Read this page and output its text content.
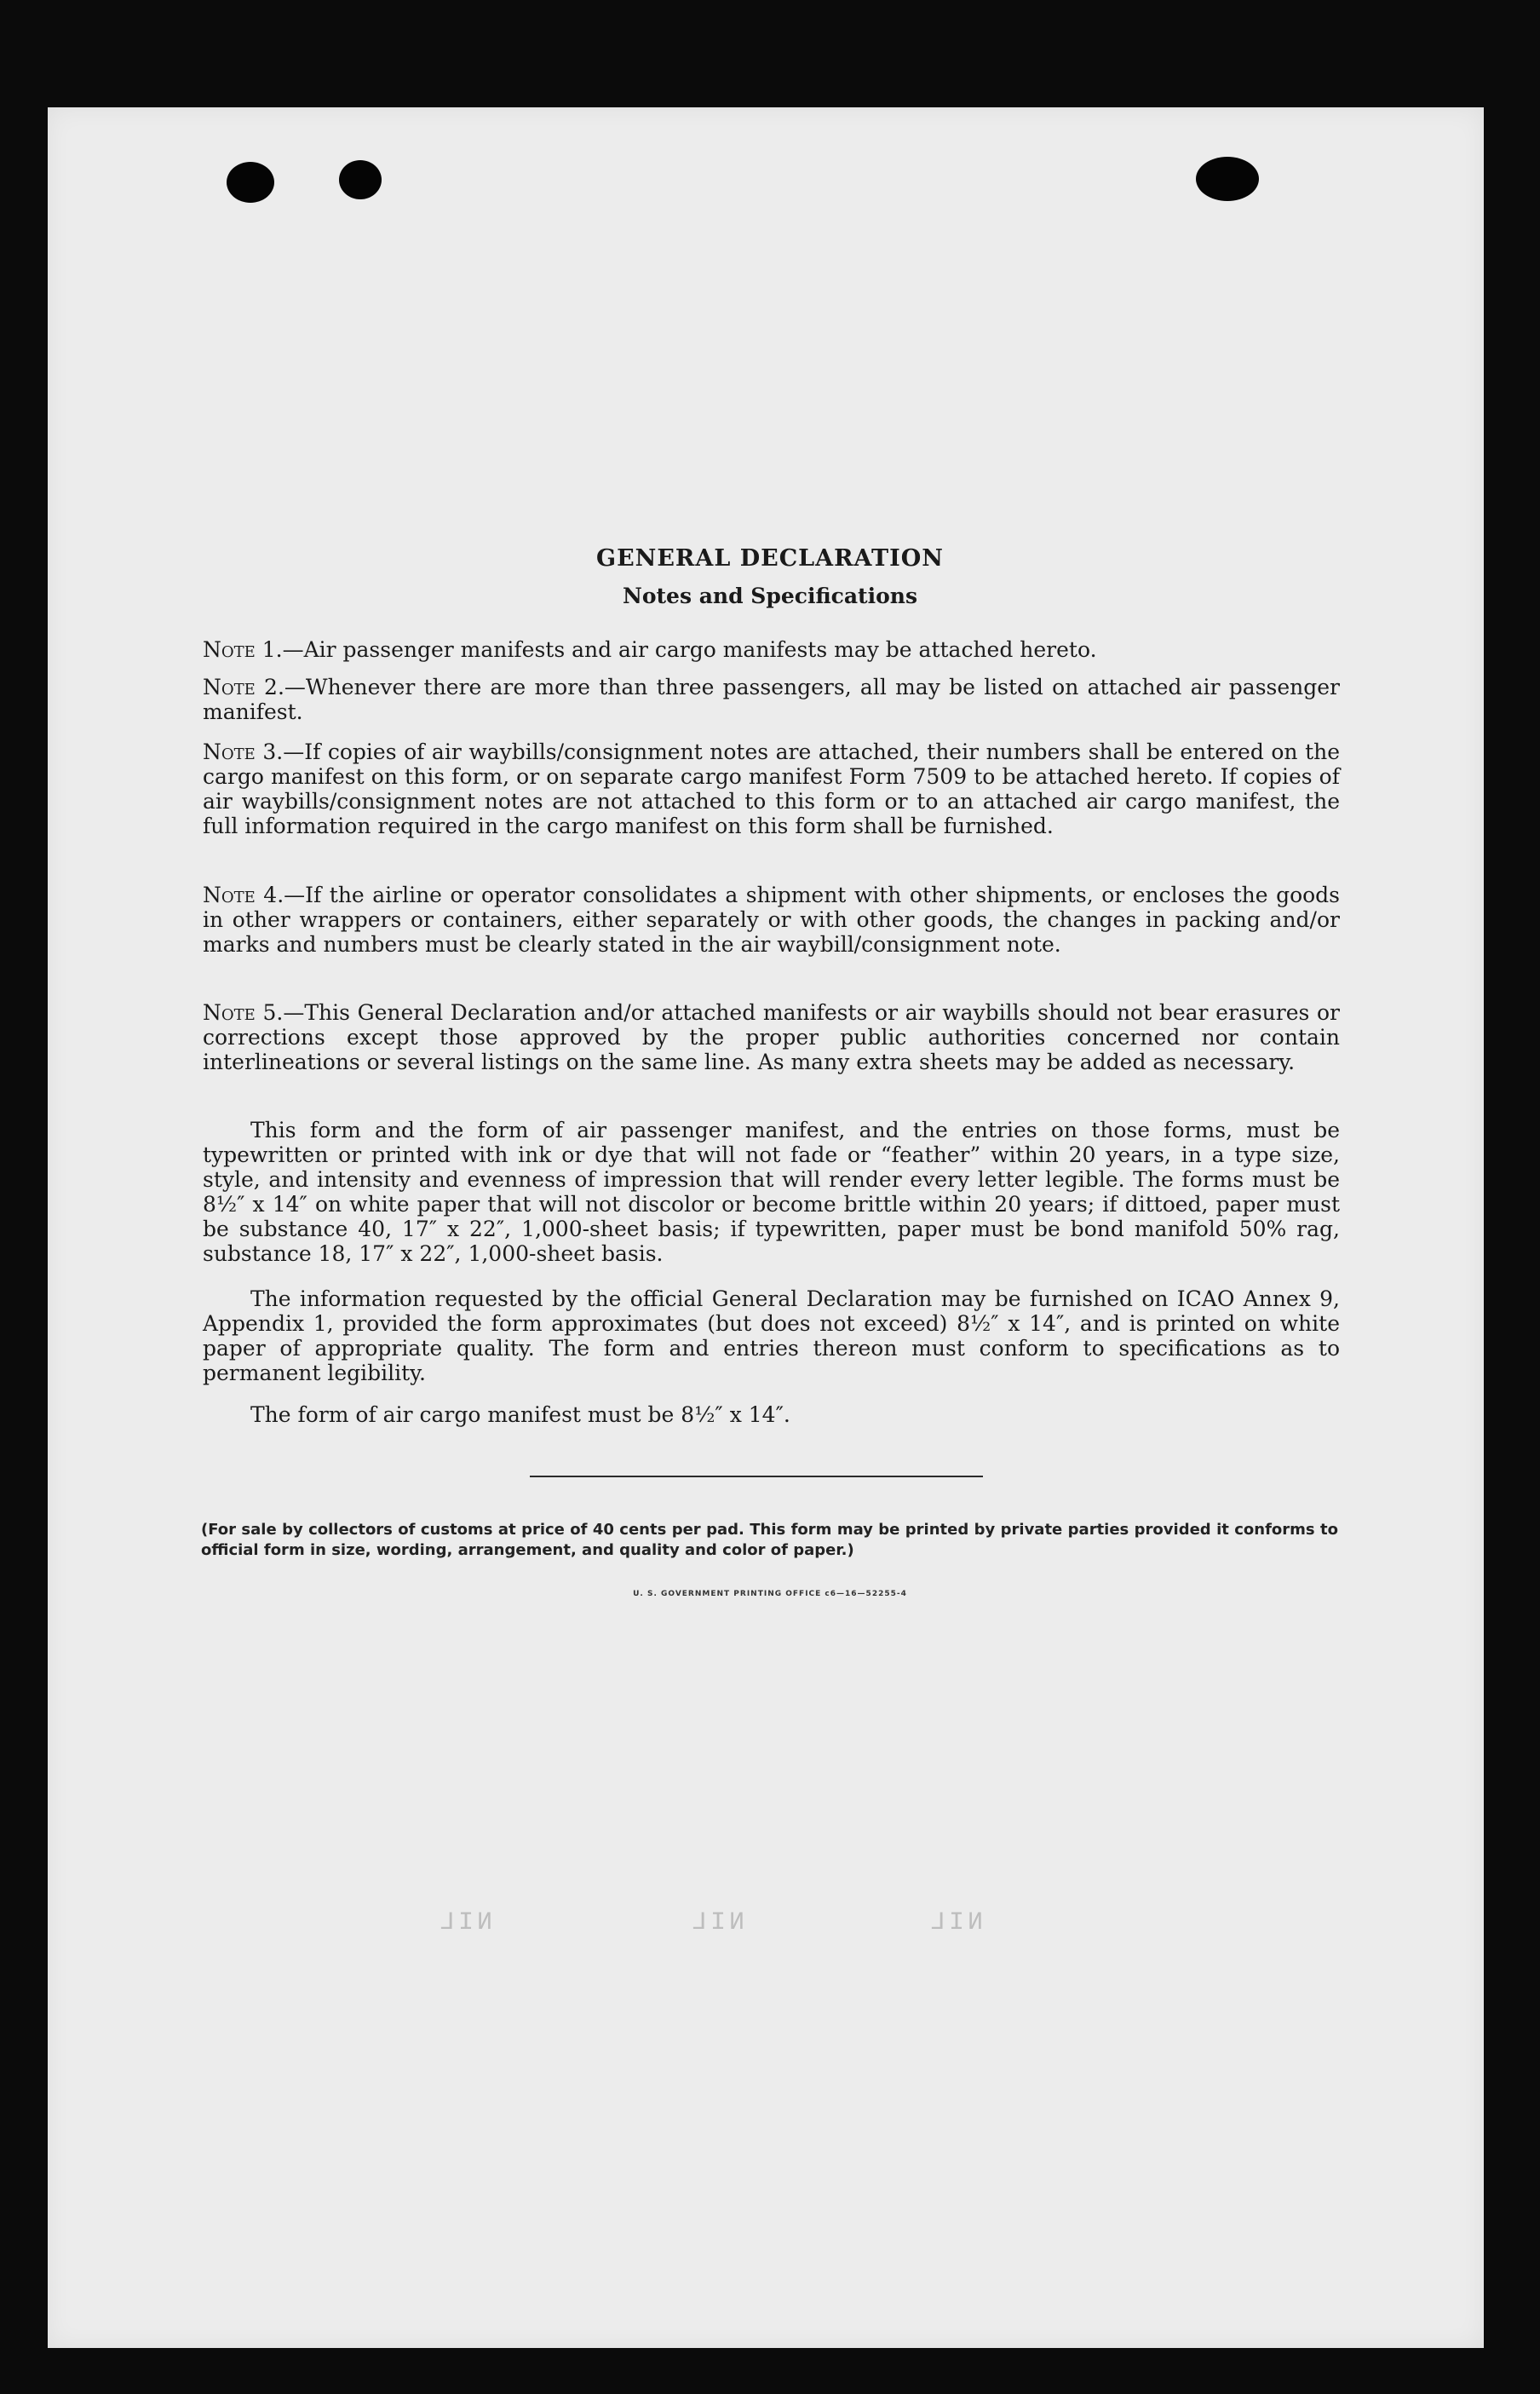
NIL	NIL	NIL
GENERAL DECLARATION
Notes and Specifications
Note 1.—Air passenger manifests and air cargo manifests may be attached hereto.
Note 2.—Whenever there are more than three passengers, all may be listed on attached air passenger manifest.
Note 3.—If copies of air waybills/consignment notes are attached, their numbers shall be entered on the cargo manifest on this form, or on separate cargo manifest Form 7509 to be attached hereto. If copies of air waybills/consignment notes are not attached to this form or to an attached air cargo manifest, the full information required in the cargo manifest on this form shall be furnished.
Note 4.—If the airline or operator consolidates a shipment with other shipments, or encloses the goods in other wrappers or containers, either separately or with other goods, the changes in packing and/or marks and numbers must be clearly stated in the air waybill/consignment note.
Note 5.—This General Declaration and/or attached manifests or air waybills should not bear erasures or corrections except those approved by the proper public authorities concerned nor contain interlineations or several listings on the same line. As many extra sheets may be added as necessary.
This form and the form of air passenger manifest, and the entries on those forms, must be typewritten or printed with ink or dye that will not fade or “feather” within 20 years, in a type size, style, and intensity and evenness of impression that will render every letter legible. The forms must be 8½″ x 14″ on white paper that will not discolor or become brittle within 20 years; if dittoed, paper must be substance 40, 17″ x 22″, 1,000-sheet basis; if typewritten, paper must be bond manifold 50% rag, substance 18, 17″ x 22″, 1,000-sheet basis.
The information requested by the official General Declaration may be furnished on ICAO Annex 9, Appendix 1, provided the form approximates (but does not exceed) 8½″ x 14″, and is printed on white paper of appropriate quality. The form and entries thereon must conform to specifications as to permanent legibility.
The form of air cargo manifest must be 8½″ x 14″.
(For sale by collectors of customs at price of 40 cents per pad. This form may be printed by private parties provided it conforms to official form in size, wording, arrangement, and quality and color of paper.)
U. S. GOVERNMENT PRINTING OFFICE c6—16—52255-4
